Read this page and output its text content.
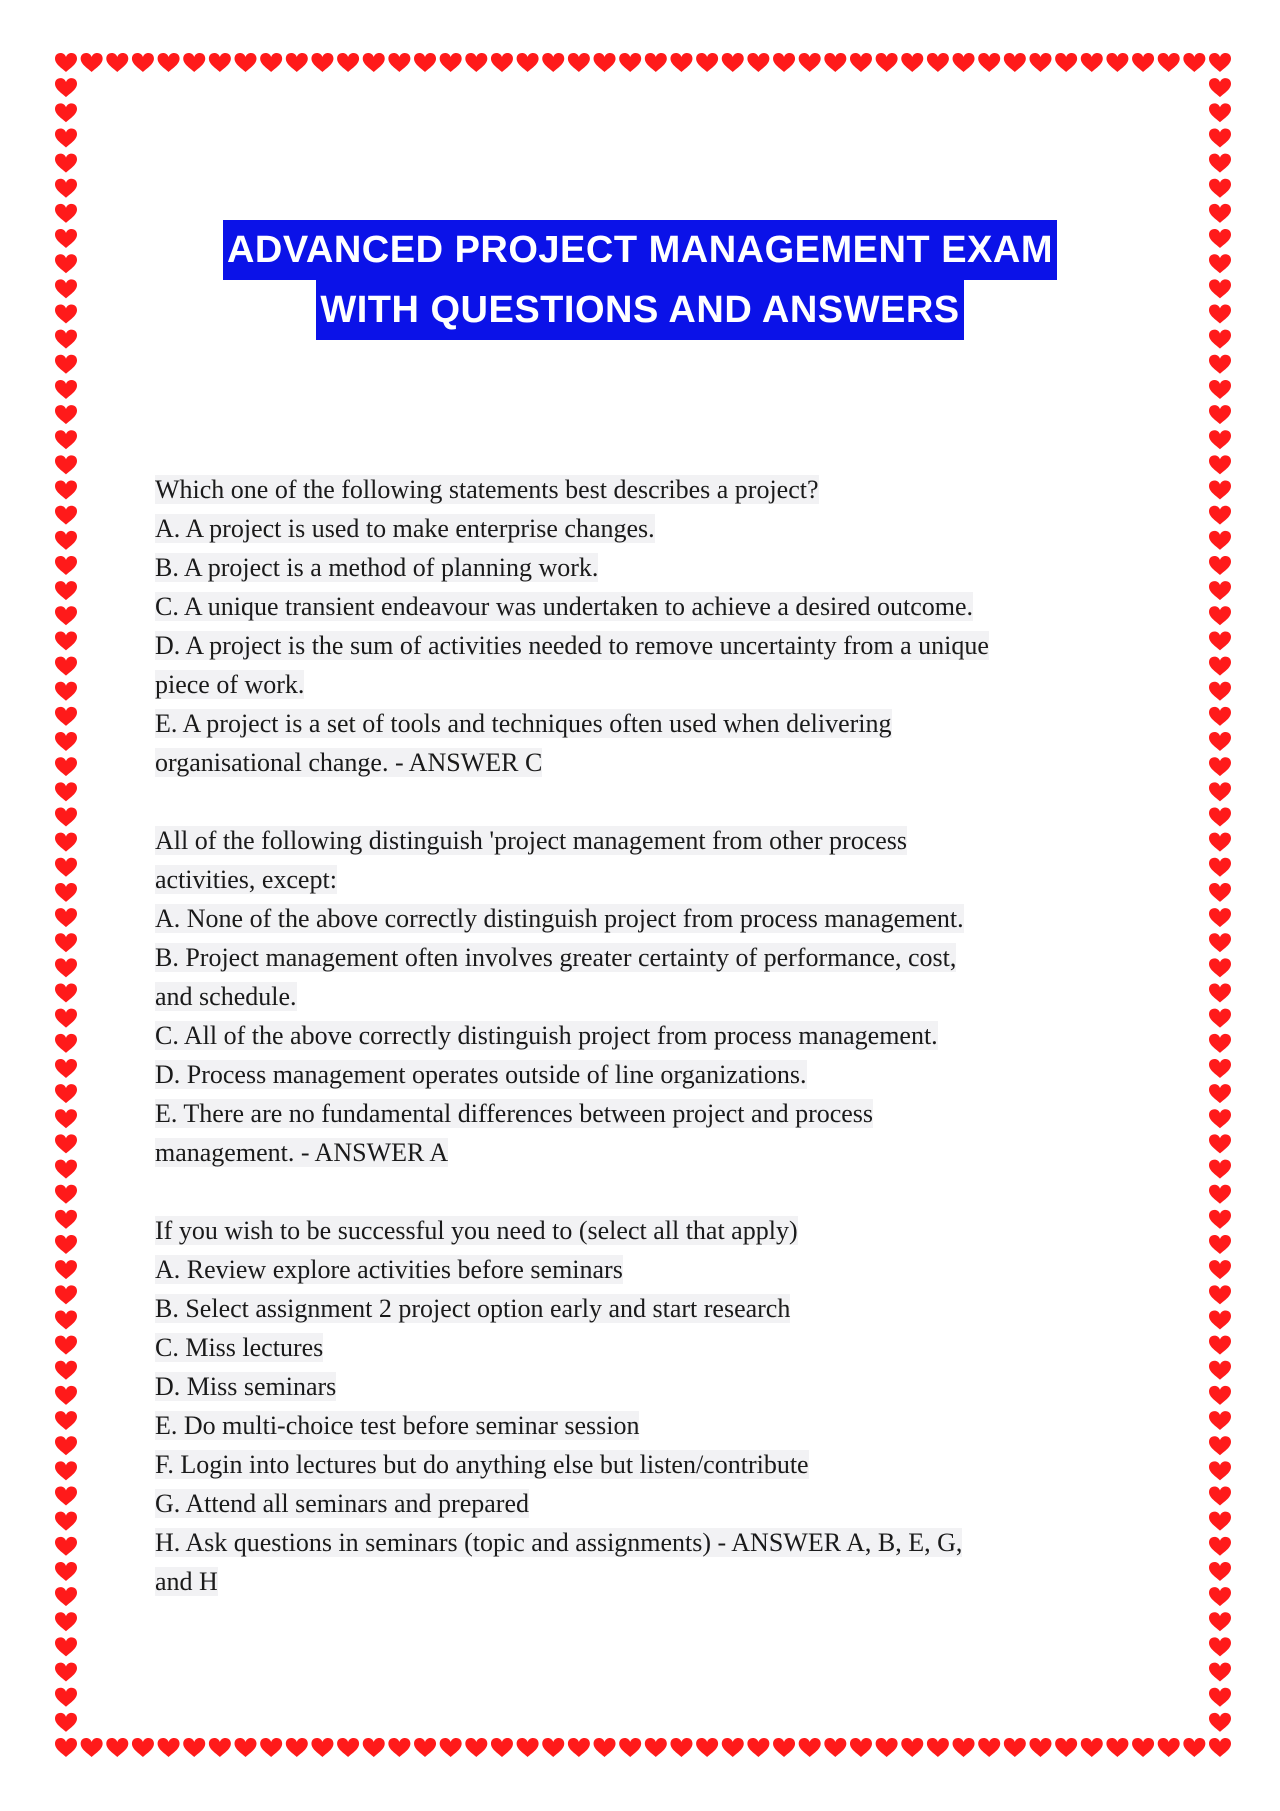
ADVANCED PROJECT MANAGEMENT EXAM
WITH QUESTIONS AND ANSWERS
Which one of the following statements best describes a project?
A. A project is used to make enterprise changes.
B. A project is a method of planning work.
C. A unique transient endeavour was undertaken to achieve a desired outcome.
D. A project is the sum of activities needed to remove uncertainty from a unique
piece of work.
E. A project is a set of tools and techniques often used when delivering
organisational change. - ANSWER C
All of the following distinguish 'project management from other process
activities, except:
A. None of the above correctly distinguish project from process management.
B. Project management often involves greater certainty of performance, cost,
and schedule.
C. All of the above correctly distinguish project from process management.
D. Process management operates outside of line organizations.
E. There are no fundamental differences between project and process
management. - ANSWER A
If you wish to be successful you need to (select all that apply)
A. Review explore activities before seminars
B. Select assignment 2 project option early and start research
C. Miss lectures
D. Miss seminars
E. Do multi-choice test before seminar session
F. Login into lectures but do anything else but listen/contribute
G. Attend all seminars and prepared
H. Ask questions in seminars (topic and assignments) - ANSWER A, B, E, G,
and H
